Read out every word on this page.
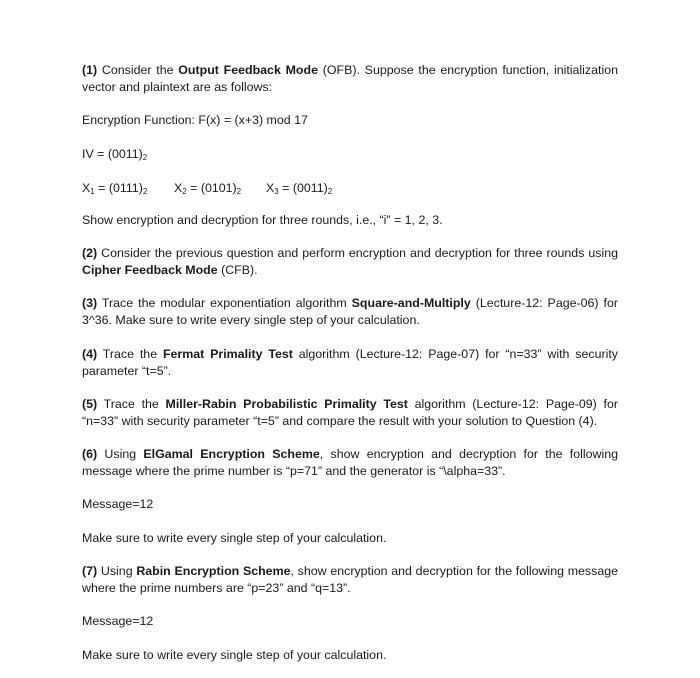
(1) Consider the Output Feedback Mode (OFB). Suppose the encryption function, initialization vector and plaintext are as follows:

Encryption Function: F(x) = (x+3) mod 17

IV = $(0011)_2$

$X_1 = (0111)_2$ $X_2 = (0101)_2$ $X_3 = (0011)_2$

Show encryption and decryption for three rounds, i.e., “i” = 1, 2, 3.

(2) Consider the previous question and perform encryption and decryption for three rounds using Cipher Feedback Mode (CFB).

(3) Trace the modular exponentiation algorithm Square-and-Multiply (Lecture-12: Page-06) for 3^36. Make sure to write every single step of your calculation.

(4) Trace the Fermat Primality Test algorithm (Lecture-12: Page-07) for “n=33” with security parameter “t=5”.

(5) Trace the Miller-Rabin Probabilistic Primality Test algorithm (Lecture-12: Page-09) for “n=33” with security parameter “t=5” and compare the result with your solution to Question (4).

(6) Using ElGamal Encryption Scheme, show encryption and decryption for the following message where the prime number is “p=71” and the generator is “\alpha=33”.

Message=12

Make sure to write every single step of your calculation.

(7) Using Rabin Encryption Scheme, show encryption and decryption for the following message where the prime numbers are “p=23” and “q=13”.

Message=12

Make sure to write every single step of your calculation.
